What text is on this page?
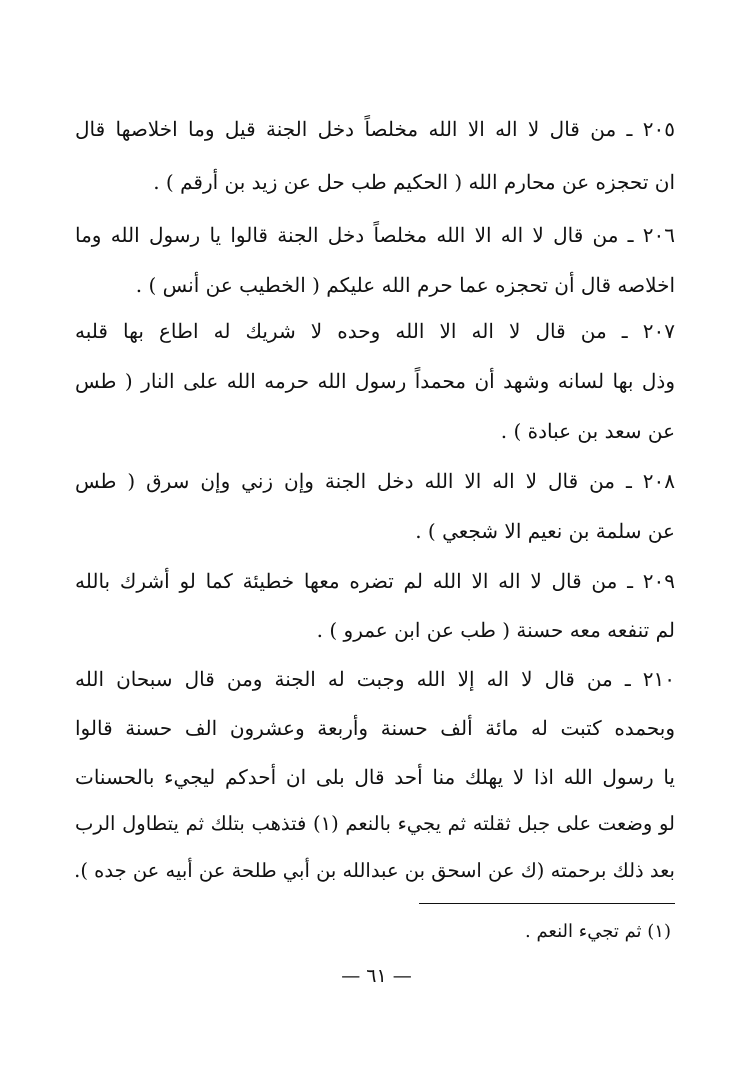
٢٠٥ ـ من قال لا اله الا الله مخلصاً دخل الجنة قيل وما اخلاصها قال
ان تحجزه عن محارم الله ( الحكيم طب حل عن زيد بن أرقم ) .
٢٠٦ ـ من قال لا اله الا الله مخلصاً دخل الجنة قالوا يا رسول الله وما
اخلاصه قال أن تحجزه عما حرم الله عليكم ( الخطيب عن أنس ) .
٢٠٧ ـ من قال لا اله الا الله وحده لا شريك له اطاع بها قلبه
وذل بها لسانه وشهد أن محمداً رسول الله حرمه الله على النار ( طس
عن سعد بن عبادة ) .
٢٠٨ ـ من قال لا اله الا الله دخل الجنة وإن زني وإن سرق ( طس
عن سلمة بن نعيم الا شجعي ) .
٢٠٩ ـ من قال لا اله الا الله لم تضره معها خطيئة كما لو أشرك بالله
لم تنفعه معه حسنة ( طب عن ابن عمرو ) .
٢١٠ ـ من قال لا اله إلا الله وجبت له الجنة ومن قال سبحان الله
وبحمده كتبت له مائة ألف حسنة وأربعة وعشرون الف حسنة قالوا
يا رسول الله اذا لا يهلك منا أحد قال بلى ان أحدكم ليجيء بالحسنات
لو وضعت على جبل ثقلته ثم يجيء بالنعم (١) فتذهب بتلك ثم يتطاول الرب
بعد ذلك برحمته (ك عن اسحق بن عبدالله بن أبي طلحة عن أبيه عن جده ).
(١) ثم تجيء النعم .
— ٦١ —
